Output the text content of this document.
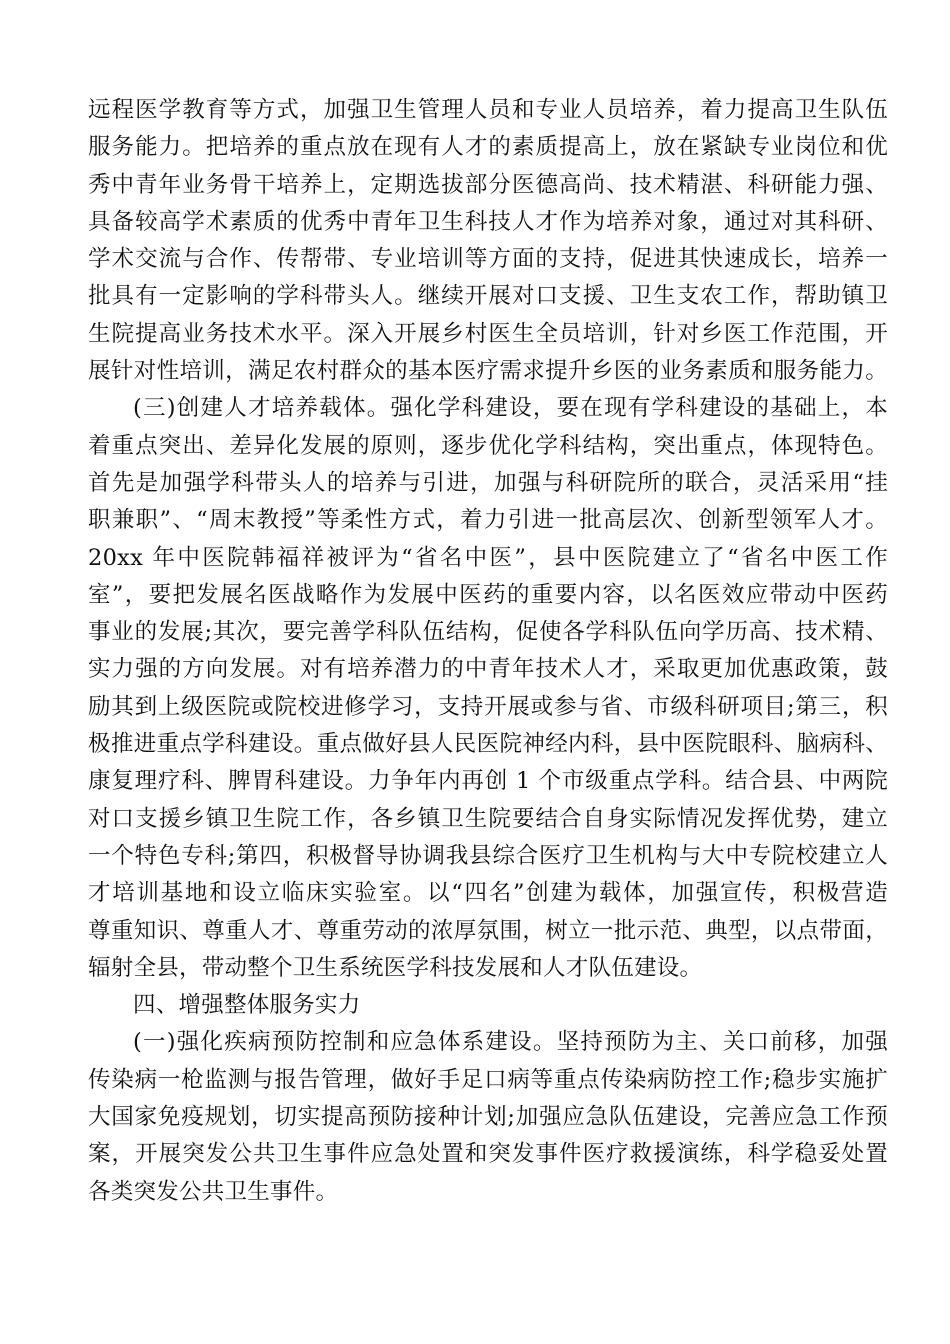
远程医学教育等方式，加强卫生管理人员和专业人员培养，着力提高卫生队伍
服务能力。把培养的重点放在现有人才的素质提高上，放在紧缺专业岗位和优
秀中青年业务骨干培养上，定期选拔部分医德高尚、技术精湛、科研能力强、
具备较高学术素质的优秀中青年卫生科技人才作为培养对象，通过对其科研、
学术交流与合作、传帮带、专业培训等方面的支持，促进其快速成长，培养一
批具有一定影响的学科带头人。继续开展对口支援、卫生支农工作，帮助镇卫
生院提高业务技术水平。深入开展乡村医生全员培训，针对乡医工作范围，开
展针对性培训，满足农村群众的基本医疗需求提升乡医的业务素质和服务能力。
(三)创建人才培养载体。强化学科建设，要在现有学科建设的基础上，本
着重点突出、差异化发展的原则，逐步优化学科结构，突出重点，体现特色。
首先是加强学科带头人的培养与引进，加强与科研院所的联合，灵活采用“挂
职兼职”、“周末教授”等柔性方式，着力引进一批高层次、创新型领军人才。
20xx 年中医院韩福祥被评为“省名中医”，县中医院建立了“省名中医工作
室”，要把发展名医战略作为发展中医药的重要内容，以名医效应带动中医药
事业的发展;其次，要完善学科队伍结构，促使各学科队伍向学历高、技术精、
实力强的方向发展。对有培养潜力的中青年技术人才，采取更加优惠政策，鼓
励其到上级医院或院校进修学习，支持开展或参与省、市级科研项目;第三，积
极推进重点学科建设。重点做好县人民医院神经内科，县中医院眼科、脑病科、
康复理疗科、脾胃科建设。力争年内再创 1 个市级重点学科。结合县、中两院
对口支援乡镇卫生院工作，各乡镇卫生院要结合自身实际情况发挥优势，建立
一个特色专科;第四，积极督导协调我县综合医疗卫生机构与大中专院校建立人
才培训基地和设立临床实验室。以“四名”创建为载体，加强宣传，积极营造
尊重知识、尊重人才、尊重劳动的浓厚氛围，树立一批示范、典型，以点带面，
辐射全县，带动整个卫生系统医学科技发展和人才队伍建设。
四、增强整体服务实力
(一)强化疾病预防控制和应急体系建设。坚持预防为主、关口前移，加强
传染病一枪监测与报告管理，做好手足口病等重点传染病防控工作;稳步实施扩
大国家免疫规划，切实提高预防接种计划;加强应急队伍建设，完善应急工作预
案，开展突发公共卫生事件应急处置和突发事件医疗救援演练，科学稳妥处置
各类突发公共卫生事件。
